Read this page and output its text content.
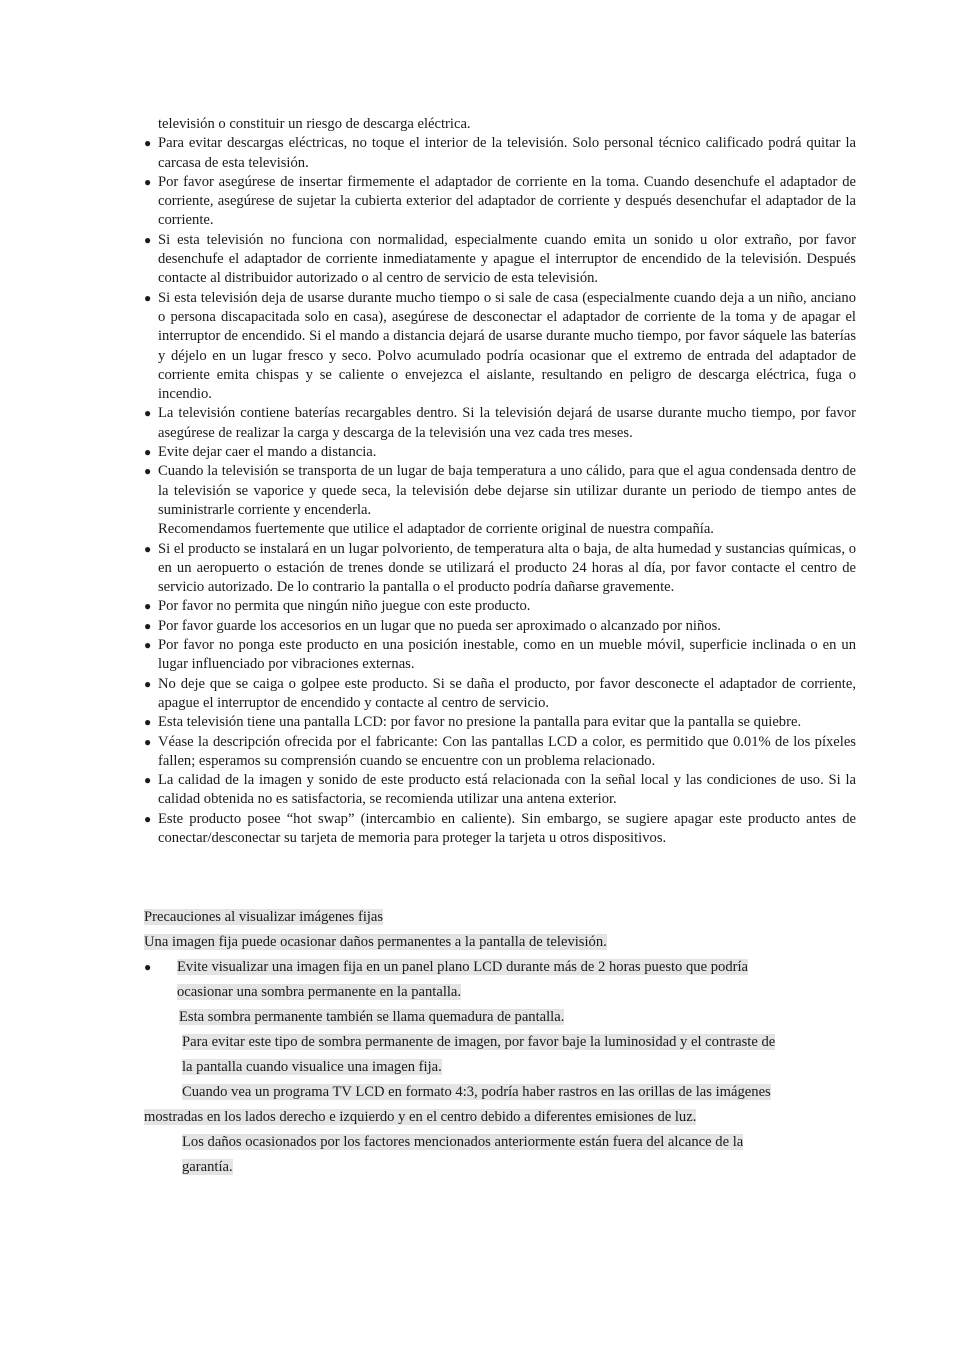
televisión o constituir un riesgo de descarga eléctrica.
● Para evitar descargas eléctricas, no toque el interior de la televisión. Solo personal técnico calificado podrá quitar la carcasa de esta televisión.
● Por favor asegúrese de insertar firmemente el adaptador de corriente en la toma. Cuando desenchufe el adaptador de corriente, asegúrese de sujetar la cubierta exterior del adaptador de corriente y después desenchufar el adaptador de la corriente.
● Si esta televisión no funciona con normalidad, especialmente cuando emita un sonido u olor extraño, por favor desenchufe el adaptador de corriente inmediatamente y apague el interruptor de encendido de la televisión. Después contacte al distribuidor autorizado o al centro de servicio de esta televisión.
● Si esta televisión deja de usarse durante mucho tiempo o si sale de casa (especialmente cuando deja a un niño, anciano o persona discapacitada solo en casa), asegúrese de desconectar el adaptador de corriente de la toma y de apagar el interruptor de encendido. Si el mando a distancia dejará de usarse durante mucho tiempo, por favor sáquele las baterías y déjelo en un lugar fresco y seco. Polvo acumulado podría ocasionar que el extremo de entrada del adaptador de corriente emita chispas y se caliente o envejezca el aislante, resultando en peligro de descarga eléctrica, fuga o incendio.
● La televisión contiene baterías recargables dentro. Si la televisión dejará de usarse durante mucho tiempo, por favor asegúrese de realizar la carga y descarga de la televisión una vez cada tres meses.
● Evite dejar caer el mando a distancia.
● Cuando la televisión se transporta de un lugar de baja temperatura a uno cálido, para que el agua condensada dentro de la televisión se vaporice y quede seca, la televisión debe dejarse sin utilizar durante un periodo de tiempo antes de suministrarle corriente y encenderla.
Recomendamos fuertemente que utilice el adaptador de corriente original de nuestra compañía.
● Si el producto se instalará en un lugar polvoriento, de temperatura alta o baja, de alta humedad y sustancias químicas, o en un aeropuerto o estación de trenes donde se utilizará el producto 24 horas al día, por favor contacte el centro de servicio autorizado. De lo contrario la pantalla o el producto podría dañarse gravemente.
● Por favor no permita que ningún niño juegue con este producto.
● Por favor guarde los accesorios en un lugar que no pueda ser aproximado o alcanzado por niños.
● Por favor no ponga este producto en una posición inestable, como en un mueble móvil, superficie inclinada o en un lugar influenciado por vibraciones externas.
● No deje que se caiga o golpee este producto. Si se daña el producto, por favor desconecte el adaptador de corriente, apague el interruptor de encendido y contacte al centro de servicio.
● Esta televisión tiene una pantalla LCD: por favor no presione la pantalla para evitar que la pantalla se quiebre.
● Véase la descripción ofrecida por el fabricante: Con las pantallas LCD a color, es permitido que 0.01% de los píxeles fallen; esperamos su comprensión cuando se encuentre con un problema relacionado.
● La calidad de la imagen y sonido de este producto está relacionada con la señal local y las condiciones de uso. Si la calidad obtenida no es satisfactoria, se recomienda utilizar una antena exterior.
● Este producto posee “hot swap” (intercambio en caliente). Sin embargo, se sugiere apagar este producto antes de conectar/desconectar su tarjeta de memoria para proteger la tarjeta u otros dispositivos.
Precauciones al visualizar imágenes fijas
Una imagen fija puede ocasionar daños permanentes a la pantalla de televisión.
● Evite visualizar una imagen fija en un panel plano LCD durante más de 2 horas puesto que podría
ocasionar una sombra permanente en la pantalla.
Esta sombra permanente también se llama quemadura de pantalla.
Para evitar este tipo de sombra permanente de imagen, por favor baje la luminosidad y el contraste de
la pantalla cuando visualice una imagen fija.
Cuando vea un programa TV LCD en formato 4:3, podría haber rastros en las orillas de las imágenes
mostradas en los lados derecho e izquierdo y en el centro debido a diferentes emisiones de luz.
Los daños ocasionados por los factores mencionados anteriormente están fuera del alcance de la
garantía.
